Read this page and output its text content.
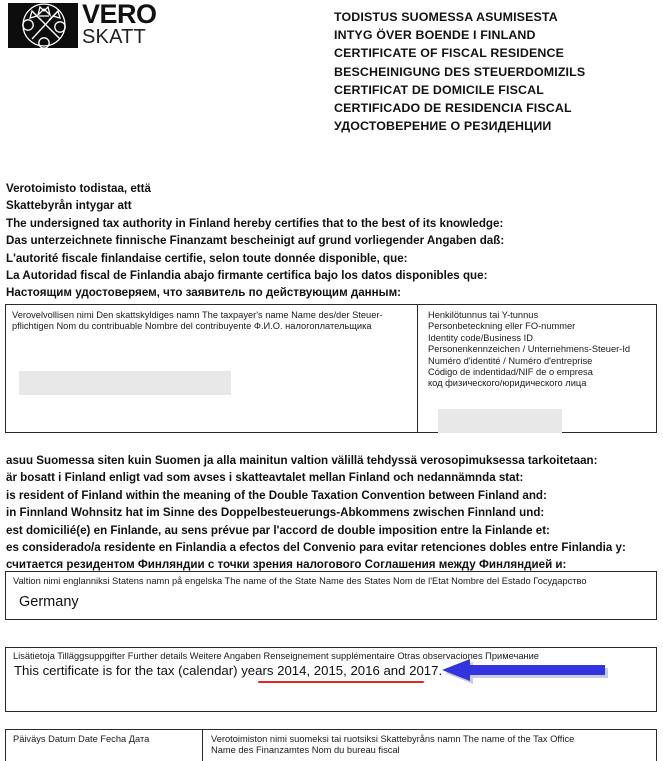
VERO
SKATT
TODISTUS SUOMESSA ASUMISESTA
INTYG ÖVER BOENDE I FINLAND
CERTIFICATE OF FISCAL RESIDENCE
BESCHEINIGUNG DES STEUERDOMIZILS
CERTIFICAT DE DOMICILE FISCAL
CERTIFICADO DE RESIDENCIA FISCAL
УДОСТОВЕРЕНИЕ О РЕЗИДЕНЦИИ
Verotoimisto todistaa, että
Skattebyrån intygar att
The undersigned tax authority in Finland hereby certifies that to the best of its knowledge:
Das unterzeichnete finnische Finanzamt bescheinigt auf grund vorliegender Angaben daß:
L'autorité fiscale finlandaise certifie, selon toute donnée disponible, que:
La Autoridad fiscal de Finlandia abajo firmante certifica bajo los datos disponibles que:
Настоящим удостоверяем, что заявитель по действующим данным:
Verovelvollisen nimi Den skattskyldiges namn The taxpayer's name Name des/der Steuer-
pflichtigen Nom du contribuable Nombre del contribuyente Ф.И.О. налогоплательщика
Henkilötunnus tai Y-tunnus
Personbeteckning eller FO-nummer
Identity code/Business ID
Personenkennzeichen / Unternehmens-Steuer-Id
Numéro d'identité / Numéro d'entreprise
Código de indentidad/NIF de o empresa
код физического/юридического лица
asuu Suomessa siten kuin Suomen ja alla mainitun valtion välillä tehdyssä verosopimuksessa tarkoitetaan:
är bosatt i Finland enligt vad som avses i skatteavtalet mellan Finland och nedannämnda stat:
is resident of Finland within the meaning of the Double Taxation Convention between Finland and:
in Finnland Wohnsitz hat im Sinne des Doppelbesteuerungs-Abkommens zwischen Finnland und:
est domicilié(e) en Finlande, au sens prévue par l'accord de double imposition entre la Finlande et:
es considerado/a residente en Finlandia a efectos del Convenio para evitar retenciones dobles entre Finlandia y:
считается резидентом Финляндии с точки зрения налогового Соглашения между Финляндией и:
Valtion nimi englanniksi Statens namn på engelska The name of the State Name des States Nom de l'Etat Nombre del Estado Государство
Germany
Lisätietoja Tilläggsuppgifter Further details Weitere Angaben Renseignement supplémentaire Otras observaciones Примечание
This certificate is for the tax (calendar) years 2014, 2015, 2016 and 2017.
Päiväys Datum Date Fecha Дата	Verotoimiston nimi suomeksi tai ruotsiksi Skattebyråns namn The name of the Tax Office
Name des Finanzamtes Nom du bureau fiscal
